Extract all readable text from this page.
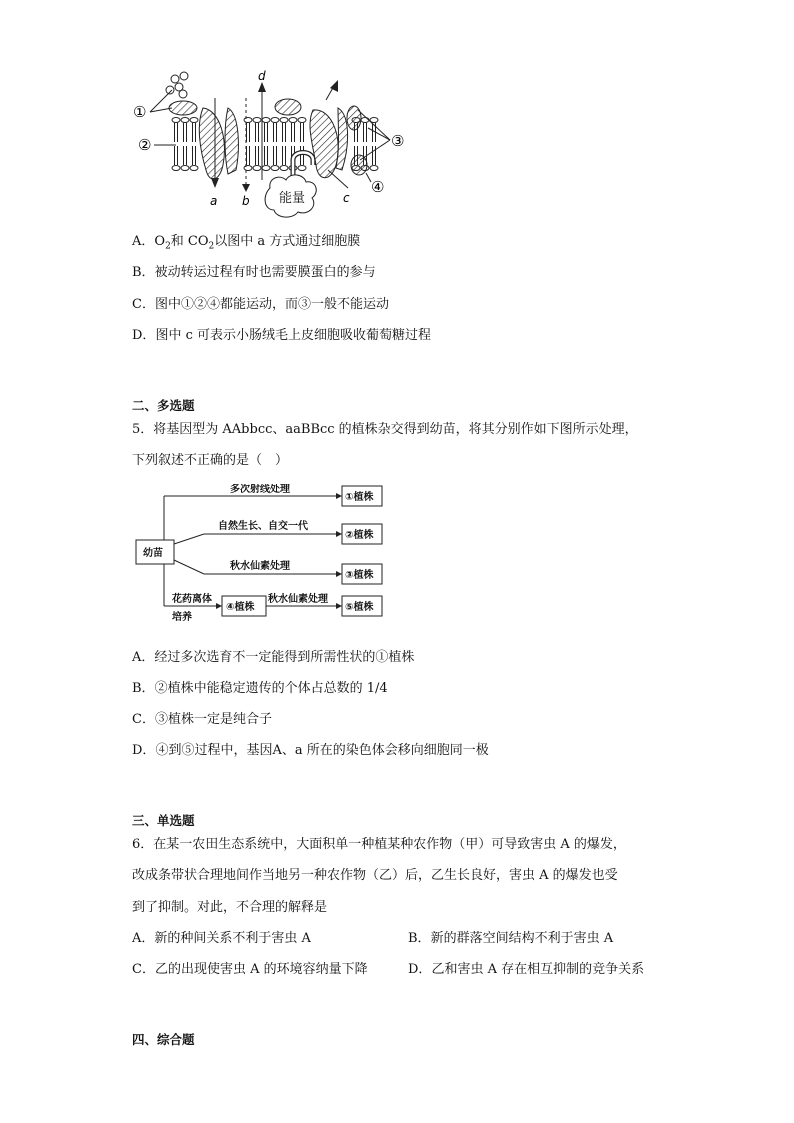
能量
d
a b	c
①
②	③
④
A．$O_2$和 $CO_2$以图中 a 方式通过细胞膜
B．被动转运过程有时也需要膜蛋白的参与
C．图中①②④都能运动，而③一般不能运动
D．图中 c 可表示小肠绒毛上皮细胞吸收葡萄糖过程
二、多选题
5．将基因型为 AAbbcc、aaBBcc 的植株杂交得到幼苗，将其分别作如下图所示处理，
下列叙述不正确的是（　）
幼苗
多次射线处理
自然生长、自交一代
秋水仙素处理
花药离体
培养
秋水仙素处理
①植株
②植株
③植株
④植株	⑤植株
A．经过多次选育不一定能得到所需性状的①植株
B．②植株中能稳定遗传的个体占总数的 1/4
C．③植株一定是纯合子
D．④到⑤过程中，基因A、a 所在的染色体会移向细胞同一极
三、单选题
6．在某一农田生态系统中，大面积单一种植某种农作物（甲）可导致害虫 A 的爆发，
改成条带状合理地间作当地另一种农作物（乙）后，乙生长良好，害虫 A 的爆发也受
到了抑制。对此，不合理的解释是
A．新的种间关系不利于害虫 A	B．新的群落空间结构不利于害虫 A
C．乙的出现使害虫 A 的环境容纳量下降	D．乙和害虫 A 存在相互抑制的竞争关系
四、综合题
